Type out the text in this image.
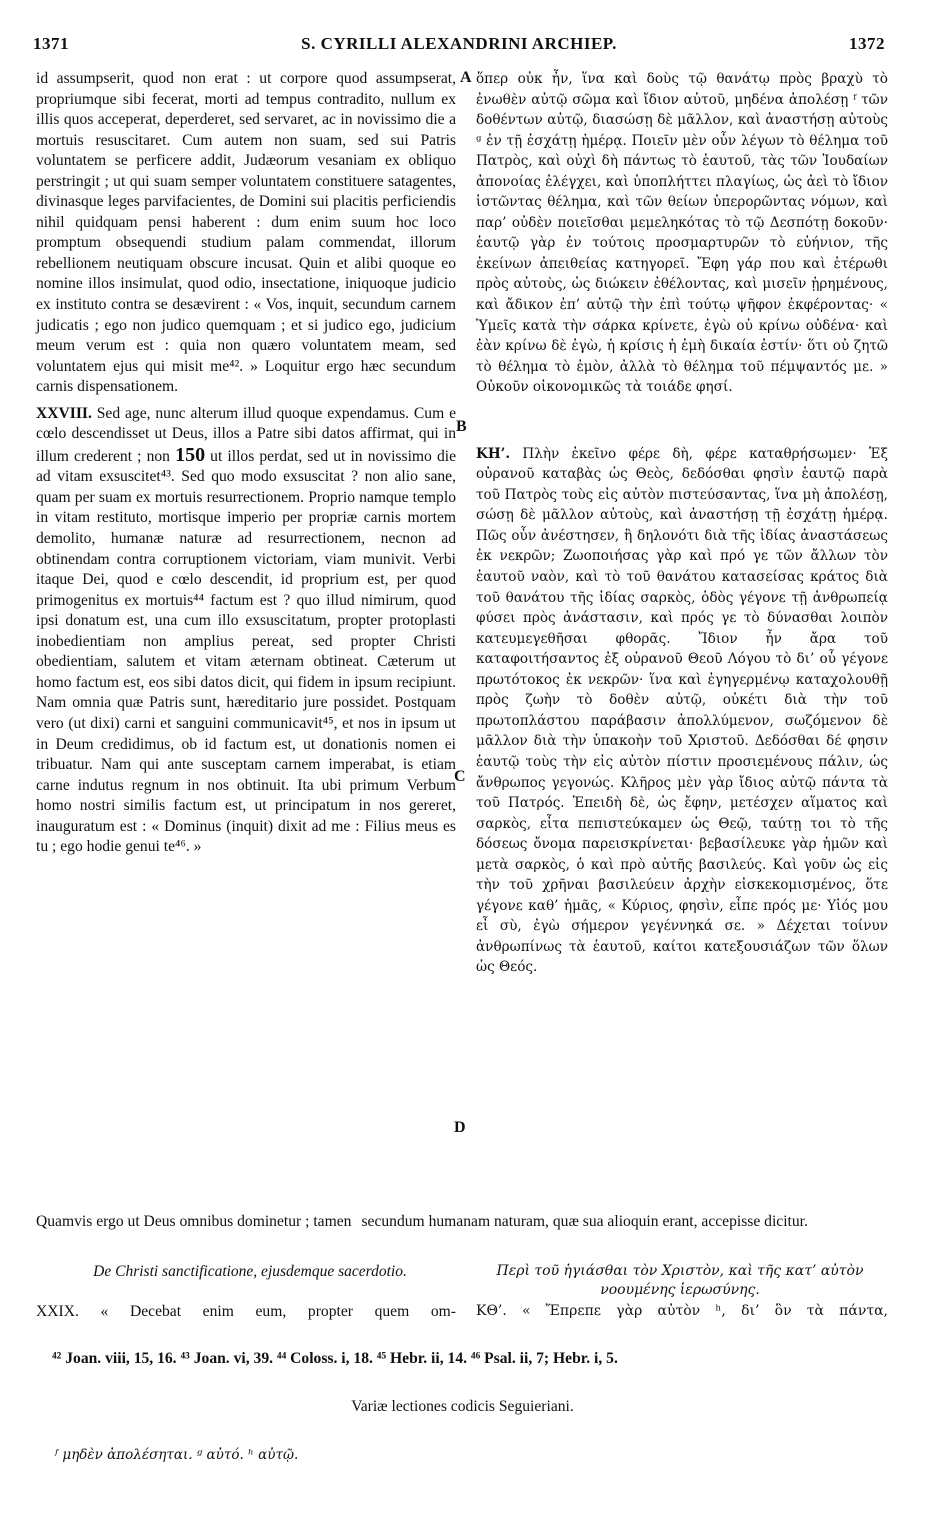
1371	S. CYRILLI ALEXANDRINI ARCHIEP.	1372

id assumpserit, quod non erat : ut corpore quod assumpserat, propriumque sibi fecerat, morti ad tempus contradito, nullum ex illis quos acceperat, deperderet, sed servaret, ac in novissimo die a mortuis resuscitaret. Cum autem non suam, sed sui Patris voluntatem se perficere addit, Judæorum vesaniam ex obliquo perstringit ; ut qui suam semper voluntatem constituere satagentes, divinasque leges parvifacientes, de Domini sui placitis perficiendis nihil quidquam pensi haberent : dum enim suum hoc loco promptum obsequendi studium palam commendat, illorum rebellionem neutiquam obscure incusat. Quin et alibi quoque eo nomine illos insimulat, quod odio, insectatione, iniquoque judicio ex instituto contra se desævirent : « Vos, inquit, secundum carnem judicatis ; ego non judico quemquam ; et si judico ego, judicium meum verum est : quia non quæro voluntatem meam, sed voluntatem ejus qui misit me⁴². » Loquitur ergo hæc secundum carnis dispensationem.

XXVIII. Sed age, nunc alterum illud quoque expendamus. Cum e cœlo descendisset ut Deus, illos a Patre sibi datos affirmat, qui in illum crederent ; non 150 ut illos perdat, sed ut in novissimo die ad vitam exsuscitet⁴³. Sed quo modo exsuscitat ? non alio sane, quam per suam ex mortuis resurrectionem. Proprio namque templo in vitam restituto, mortisque imperio per propriæ carnis mortem demolito, humanæ naturæ ad resurrectionem, necnon ad obtinendam contra corruptionem victoriam, viam munivit. Verbi itaque Dei, quod e cœlo descendit, id proprium est, per quod primogenitus ex mortuis⁴⁴ factum est ? quo illud nimirum, quod ipsi donatum est, una cum illo exsuscitatum, propter protoplasti inobedientiam non amplius pereat, sed propter Christi obedientiam, salutem et vitam æternam obtineat. Cæterum ut homo factum est, eos sibi datos dicit, qui fidem in ipsum recipiunt. Nam omnia quæ Patris sunt, hæreditario jure possidet. Postquam vero (ut dixi) carni et sanguini communicavit⁴⁵, et nos in ipsum ut in Deum credidimus, ob id factum est, ut donationis nomen ei tribuatur. Nam qui ante susceptam carnem imperabat, is etiam carne indutus regnum in nos obtinuit. Ita ubi primum Verbum homo nostri similis factum est, ut principatum in nos gereret, inauguratum est : « Dominus (inquit) dixit ad me : Filius meus es tu ; ego hodie genui te⁴⁶. »

ὅπερ οὐκ ἦν, ἵνα καὶ δοὺς τῷ θανάτῳ πρὸς βραχὺ τὸ ἐνωθὲν αὐτῷ σῶμα καὶ ἴδιον αὐτοῦ, μηδένα ἀπολέσῃ ᶠ τῶν δοθέντων αὐτῷ, διασώσῃ δὲ μᾶλλον, καὶ ἀναστήσῃ αὐτοὺς ᵍ ἐν τῇ ἐσχάτῃ ἡμέρᾳ. Ποιεῖν μὲν οὖν λέγων τὸ θέλημα τοῦ Πατρὸς, καὶ οὐχὶ δὴ πάντως τὸ ἑαυτοῦ, τὰς τῶν Ἰουδαίων ἀπονοίας ἐλέγχει, καὶ ὑποπλήττει πλαγίως, ὡς ἀεὶ τὸ ἴδιον ἱστῶντας θέλημα, καὶ τῶν θείων ὑπερορῶντας νόμων, καὶ παρ’ οὐδὲν ποιεῖσθαι μεμεληκότας τὸ τῷ Δεσπότῃ δοκοῦν· ἑαυτῷ γὰρ ἐν τούτοις προσμαρτυρῶν τὸ εὐήνιον, τῆς ἐκείνων ἀπειθείας κατηγορεῖ. Ἔφη γάρ που καὶ ἑτέρωθι πρὸς αὐτοὺς, ὡς διώκειν ἐθέλοντας, καὶ μισεῖν ᾑρημένους, καὶ ἄδικον ἐπ’ αὐτῷ τὴν ἐπὶ τούτῳ ψῆφον ἐκφέροντας· « Ὑμεῖς κατὰ τὴν σάρκα κρίνετε, ἐγὼ οὐ κρίνω οὐδένα· καὶ ἐὰν κρίνω δὲ ἐγὼ, ἡ κρίσις ἡ ἐμὴ δικαία ἐστίν· ὅτι οὐ ζητῶ τὸ θέλημα τὸ ἐμὸν, ἀλλὰ τὸ θέλημα τοῦ πέμψαντός με. » Οὐκοῦν οἰκονομικῶς τὰ τοιάδε φησί.

ΚΗ’. Πλὴν ἐκεῖνο φέρε δὴ, φέρε καταθρήσωμεν· Ἐξ οὐρανοῦ καταβὰς ὡς Θεὸς, δεδόσθαι φησὶν ἑαυτῷ παρὰ τοῦ Πατρὸς τοὺς εἰς αὐτὸν πιστεύσαντας, ἵνα μὴ ἀπολέσῃ, σώσῃ δὲ μᾶλλον αὐτοὺς, καὶ ἀναστήσῃ τῇ ἐσχάτῃ ἡμέρᾳ. Πῶς οὖν ἀνέστησεν, ἢ δηλονότι διὰ τῆς ἰδίας ἀναστάσεως ἐκ νεκρῶν; Ζωοποιήσας γὰρ καὶ πρό γε τῶν ἄλλων τὸν ἑαυτοῦ ναὸν, καὶ τὸ τοῦ θανάτου κατασείσας κράτος διὰ τοῦ θανάτου τῆς ἰδίας σαρκὸς, ὁδὸς γέγονε τῇ ἀνθρωπείᾳ φύσει πρὸς ἀνάστασιν, καὶ πρός γε τὸ δύνασθαι λοιπὸν κατευμεγεθῆσαι φθορᾶς. Ἴδιον ἦν ἄρα τοῦ καταφοιτήσαντος ἐξ οὐρανοῦ Θεοῦ Λόγου τὸ δι’ οὗ γέγονε πρωτότοκος ἐκ νεκρῶν· ἵνα καὶ ἐγηγερμένῳ καταχολουθῇ πρὸς ζωὴν τὸ δοθὲν αὐτῷ, οὐκέτι διὰ τὴν τοῦ πρωτοπλάστου παράβασιν ἀπολλύμενον, σωζόμενον δὲ μᾶλλον διὰ τὴν ὑπακοὴν τοῦ Χριστοῦ. Δεδόσθαι δέ φησιν ἑαυτῷ τοὺς τὴν εἰς αὐτὸν πίστιν προσιεμένους πάλιν, ὡς ἄνθρωπος γεγονώς. Κλῆρος μὲν γὰρ ἴδιος αὐτῷ πάντα τὰ τοῦ Πατρός. Ἐπειδὴ δὲ, ὡς ἔφην, μετέσχεν αἵματος καὶ σαρκὸς, εἶτα πεπιστεύκαμεν ὡς Θεῷ, ταύτῃ τοι τὸ τῆς δόσεως ὄνομα παρεισκρίνεται· βεβασίλευκε γὰρ ἡμῶν καὶ μετὰ σαρκὸς, ὁ καὶ πρὸ αὐτῆς βασιλεύς. Καὶ γοῦν ὡς εἰς τὴν τοῦ χρῆναι βασιλεύειν ἀρχὴν εἰσκεκομισμένος, ὅτε γέγονε καθ’ ἡμᾶς, « Κύριος, φησὶν, εἶπε πρός με· Υἱός μου εἶ σὺ, ἐγὼ σήμερον γεγέννηκά σε. » Δέχεται τοίνυν ἀνθρωπίνως τὰ ἑαυτοῦ, καίτοι κατεξουσιάζων τῶν ὅλων ὡς Θεός.

A
B
C
D
Quamvis ergo ut Deus omnibus dominetur ; tamen secundum humanam naturam, quæ sua alioquin erant, accepisse dicitur.
De Christi sanctificatione, ejusdemque sacerdotio.	Περὶ τοῦ ἡγιάσθαι τὸν Χριστὸν, καὶ τῆς κατ’ αὐτὸν νοουμένης ἱερωσύνης.
XXIX. « Decebat enim eum, propter quem om- ΚΘ’. « Ἔπρεπε γὰρ αὐτὸν ʰ, δι’ ὃν τὰ πάντα,
⁴² Joan. viii, 15, 16. ⁴³ Joan. vi, 39. ⁴⁴ Coloss. i, 18. ⁴⁵ Hebr. ii, 14. ⁴⁶ Psal. ii, 7; Hebr. i, 5.
Variæ lectiones codicis Seguieriani.
ᶠ μηδὲν ἀπολέσηται. ᵍ αὐτό. ʰ αὐτῷ.
